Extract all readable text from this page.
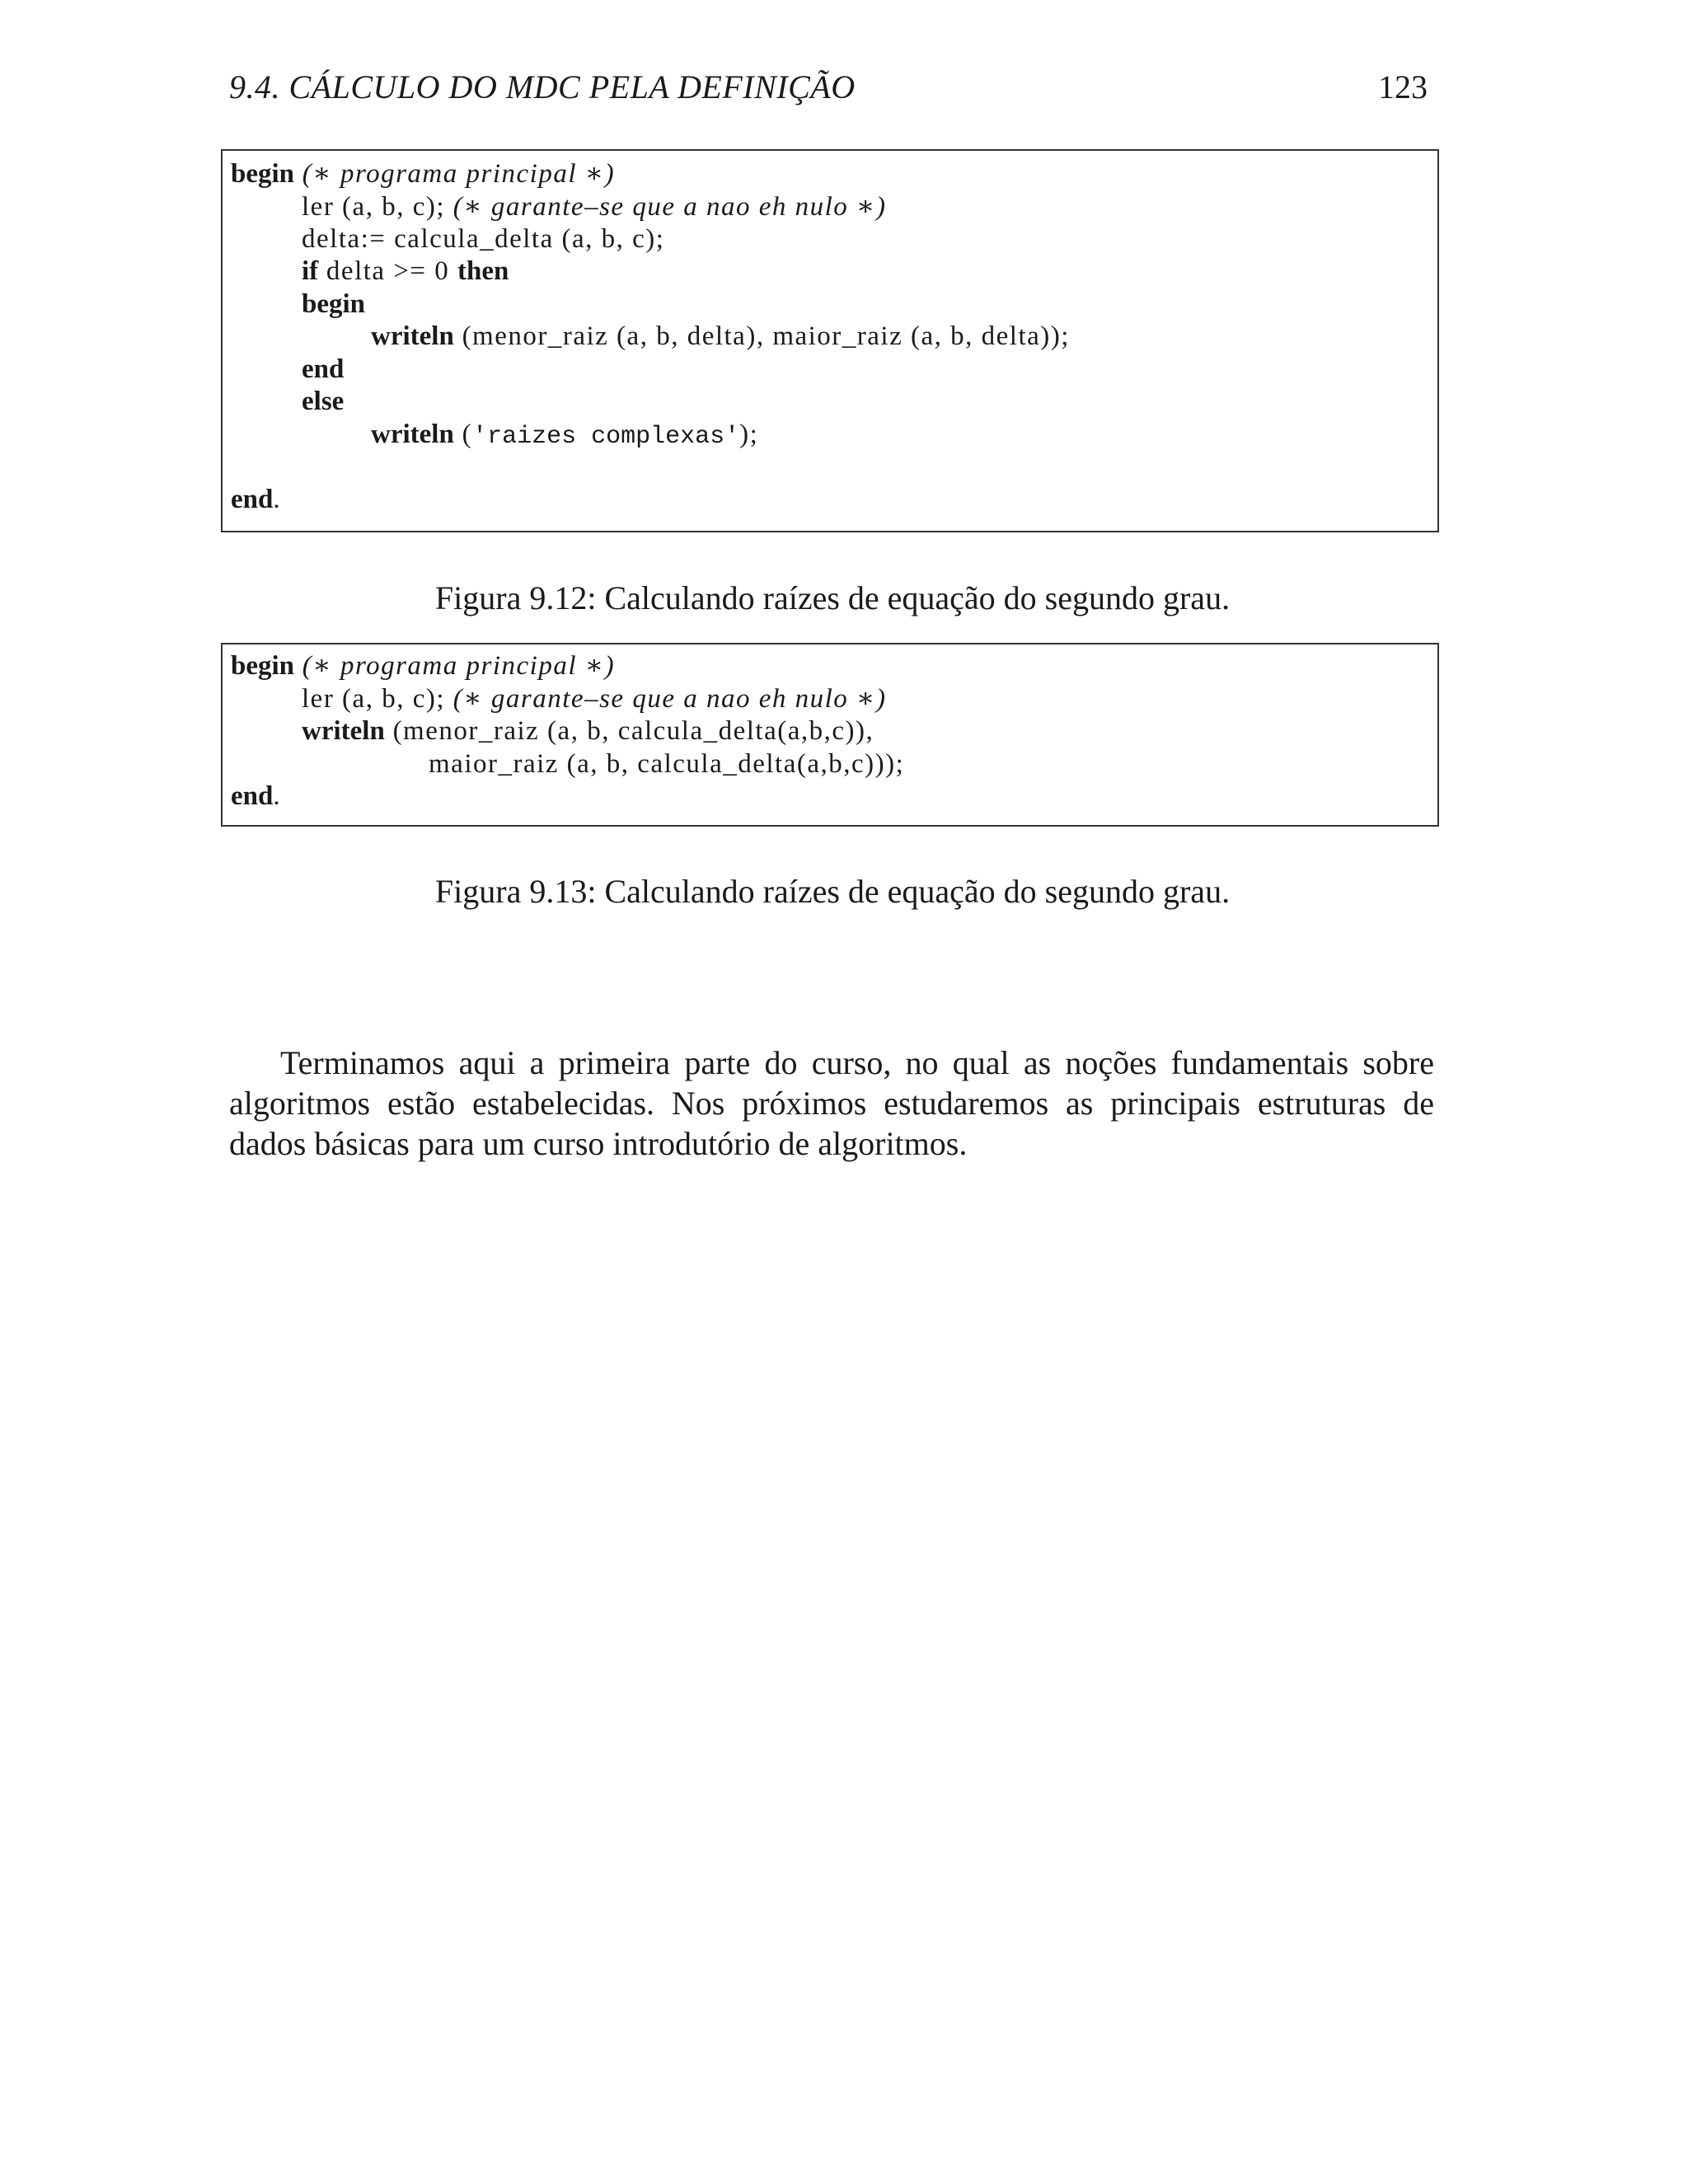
9.4. CÁLCULO DO MDC PELA DEFINIÇÃO	123
begin (∗ programa principal ∗)
ler (a, b, c); (∗ garante–se que a nao eh nulo ∗)
delta:= calcula_delta (a, b, c);
if delta >= 0 then
begin
writeln (menor_raiz (a, b, delta), maior_raiz (a, b, delta));
end
else
writeln ('raizes complexas');
end.
Figura 9.12: Calculando raízes de equação do segundo grau.
begin (∗ programa principal ∗)
ler (a, b, c); (∗ garante–se que a nao eh nulo ∗)
writeln (menor_raiz (a, b, calcula_delta(a,b,c)),
maior_raiz (a, b, calcula_delta(a,b,c)));
end.
Figura 9.13: Calculando raízes de equação do segundo grau.

Terminamos aqui a primeira parte do curso, no qual as noções fundamentais sobre algoritmos estão estabelecidas. Nos próximos estudaremos as principais estruturas de dados básicas para um curso introdutório de algoritmos.
